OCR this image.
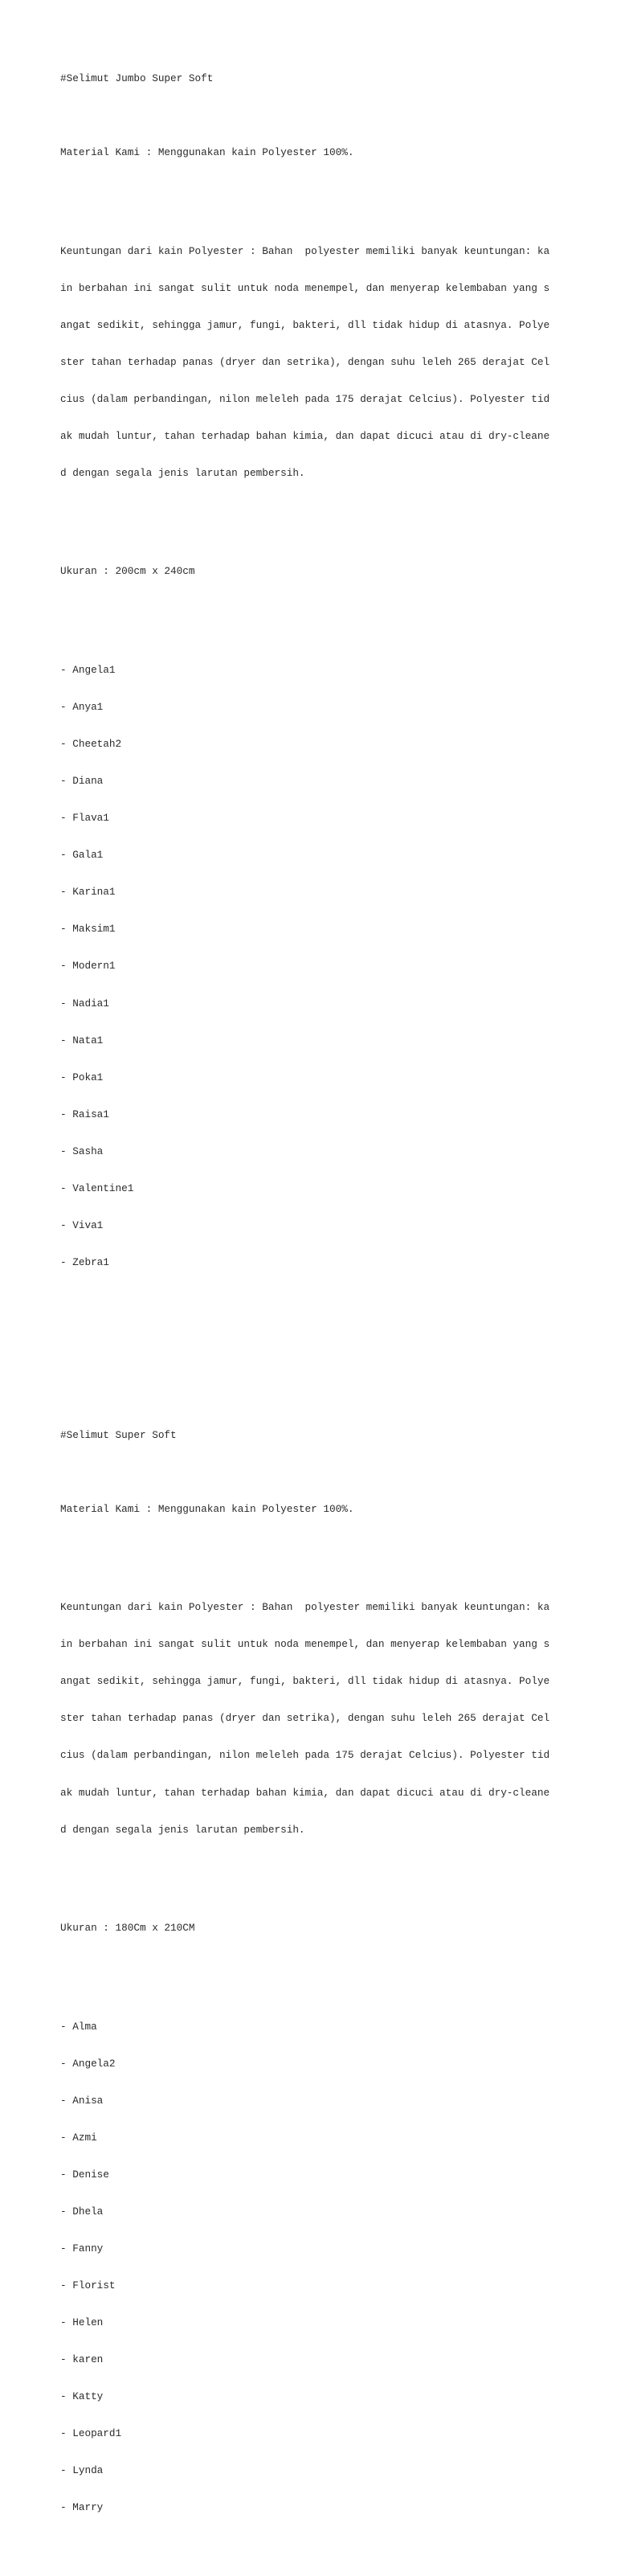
#Selimut Jumbo Super Soft

Material Kami : Menggunakan kain Polyester 100%.

Keuntungan dari kain Polyester : Bahan  polyester memiliki banyak keuntungan: ka

in berbahan ini sangat sulit untuk noda menempel, dan menyerap kelembaban yang s

angat sedikit, sehingga jamur, fungi, bakteri, dll tidak hidup di atasnya. Polye

ster tahan terhadap panas (dryer dan setrika), dengan suhu leleh 265 derajat Cel

cius (dalam perbandingan, nilon meleleh pada 175 derajat Celcius). Polyester tid

ak mudah luntur, tahan terhadap bahan kimia, dan dapat dicuci atau di dry-cleane

d dengan segala jenis larutan pembersih.

Ukuran : 200cm x 240cm

- Angela1

- Anya1

- Cheetah2

- Diana

- Flava1

- Gala1

- Karina1

- Maksim1

- Modern1

- Nadia1

- Nata1

- Poka1

- Raisa1

- Sasha

- Valentine1

- Viva1

- Zebra1

#Selimut Super Soft

Material Kami : Menggunakan kain Polyester 100%.

Keuntungan dari kain Polyester : Bahan  polyester memiliki banyak keuntungan: ka

in berbahan ini sangat sulit untuk noda menempel, dan menyerap kelembaban yang s

angat sedikit, sehingga jamur, fungi, bakteri, dll tidak hidup di atasnya. Polye

ster tahan terhadap panas (dryer dan setrika), dengan suhu leleh 265 derajat Cel

cius (dalam perbandingan, nilon meleleh pada 175 derajat Celcius). Polyester tid

ak mudah luntur, tahan terhadap bahan kimia, dan dapat dicuci atau di dry-cleane

d dengan segala jenis larutan pembersih.

Ukuran : 180Cm x 210CM

- Alma

- Angela2

- Anisa

- Azmi

- Denise

- Dhela

- Fanny

- Florist

- Helen

- karen

- Katty

- Leopard1

- Lynda

- Marry
